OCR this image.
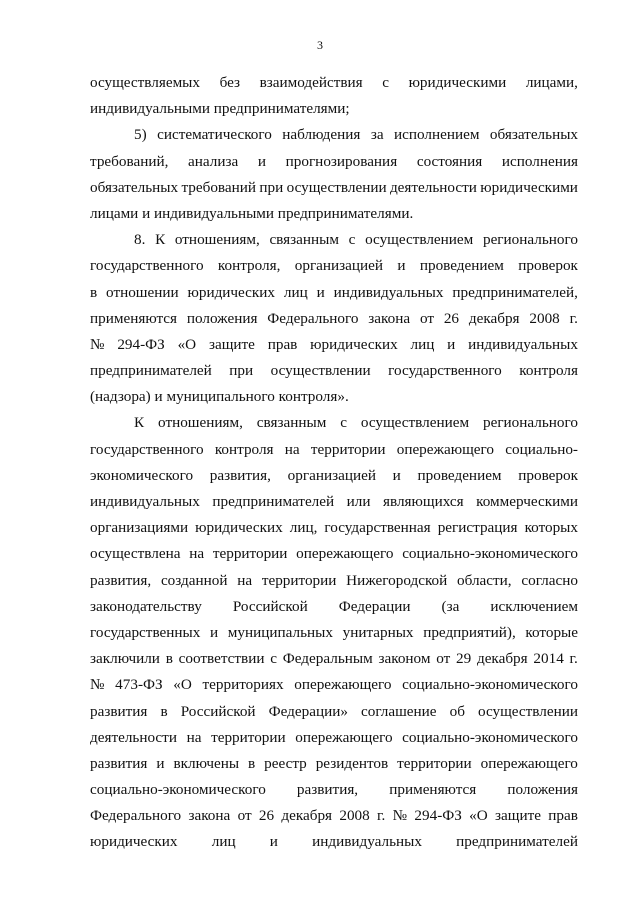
3
осуществляемых без взаимодействия с юридическими лицами,
индивидуальными предпринимателями;
5) систематического наблюдения за исполнением обязательных
требований, анализа и прогнозирования состояния исполнения
обязательных требований при осуществлении деятельности юридическими
лицами и индивидуальными предпринимателями.
8. К отношениям, связанным с осуществлением регионального
государственного контроля, организацией и проведением проверок
в отношении юридических лиц и индивидуальных предпринимателей,
применяются положения Федерального закона от 26 декабря 2008 г.
№ 294-ФЗ «О защите прав юридических лиц и индивидуальных
предпринимателей при осуществлении государственного контроля
(надзора) и муниципального контроля».
К отношениям, связанным с осуществлением регионального
государственного контроля на территории опережающего социально-
экономического развития, организацией и проведением проверок
индивидуальных предпринимателей или являющихся коммерческими
организациями юридических лиц, государственная регистрация которых
осуществлена на территории опережающего социально-экономического
развития, созданной на территории Нижегородской области, согласно
законодательству Российской Федерации (за исключением
государственных и муниципальных унитарных предприятий), которые
заключили в соответствии с Федеральным законом от 29 декабря 2014 г.
№ 473-ФЗ «О территориях опережающего социально-экономического
развития в Российской Федерации» соглашение об осуществлении
деятельности на территории опережающего социально-экономического
развития и включены в реестр резидентов территории опережающего
социально-экономического развития, применяются положения
Федерального закона от 26 декабря 2008 г. № 294-ФЗ «О защите прав
юридических лиц и индивидуальных предпринимателей
